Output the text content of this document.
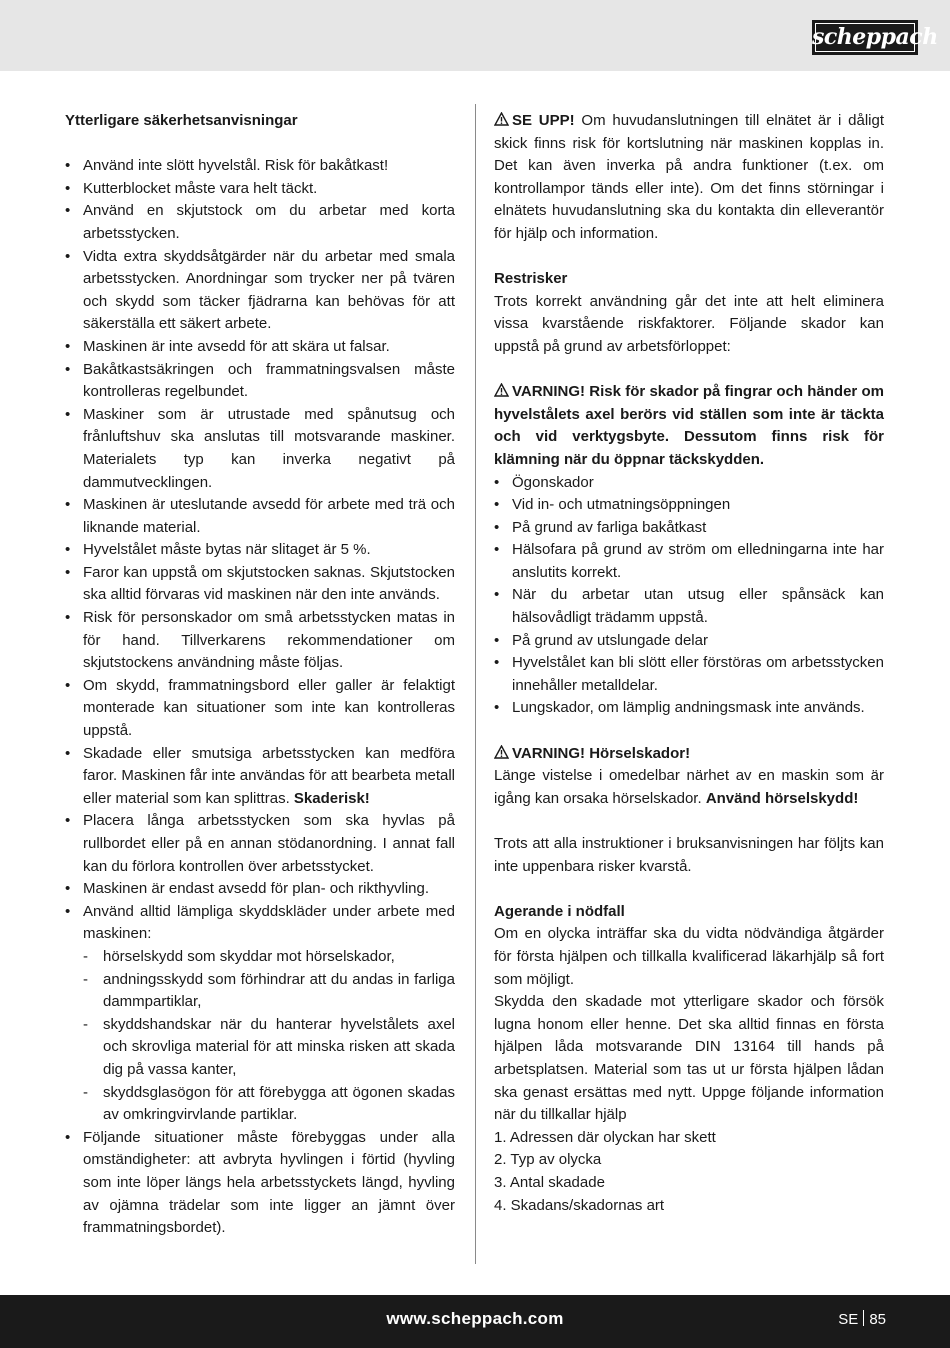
scheppach

Ytterligare säkerhetsanvisningar

• Använd inte slött hyvelstål. Risk för bakåtkast!
• Kutterblocket måste vara helt täckt.
• Använd en skjutstock om du arbetar med korta arbetsstycken.
• Vidta extra skyddsåtgärder när du arbetar med smala arbetsstycken. Anordningar som trycker ner på tvären och skydd som täcker fjädrarna kan behövas för att säkerställa ett säkert arbete.
• Maskinen är inte avsedd för att skära ut falsar.
• Bakåtkastsäkringen och frammatningsvalsen måste kontrolleras regelbundet.
• Maskiner som är utrustade med spånutsug och frånluftshuv ska anslutas till motsvarande maskiner. Materialets typ kan inverka negativt på dammutvecklingen.
• Maskinen är uteslutande avsedd för arbete med trä och liknande material.
• Hyvelstålet måste bytas när slitaget är 5 %.
• Faror kan uppstå om skjutstocken saknas. Skjutstocken ska alltid förvaras vid maskinen när den inte används.
• Risk för personskador om små arbetsstycken matas in för hand. Tillverkarens rekommendationer om skjutstockens användning måste följas.
• Om skydd, frammatningsbord eller galler är felaktigt monterade kan situationer som inte kan kontrolleras uppstå.
• Skadade eller smutsiga arbetsstycken kan medföra faror. Maskinen får inte användas för att bearbeta metall eller material som kan splittras. Skaderisk!
• Placera långa arbetsstycken som ska hyvlas på rullbordet eller på en annan stödanordning. I annat fall kan du förlora kontrollen över arbetsstycket.
• Maskinen är endast avsedd för plan- och rikthyvling.
• Använd alltid lämpliga skyddskläder under arbete med maskinen:
- hörselskydd som skyddar mot hörselskador,
- andningsskydd som förhindrar att du andas in farliga dammpartiklar,
- skyddshandskar när du hanterar hyvelstålets axel och skrovliga material för att minska risken att skada dig på vassa kanter,
- skyddsglasögon för att förebygga att ögonen skadas av omkringvirvlande partiklar.
• Följande situationer måste förebyggas under alla omständigheter: att avbryta hyvlingen i förtid (hyvling som inte löper längs hela arbetsstyckets längd, hyvling av ojämna trädelar som inte ligger an jämnt över frammatningsbordet).

SE UPP! Om huvudanslutningen till elnätet är i dåligt skick finns risk för kortslutning när maskinen kopplas in. Det kan även inverka på andra funktioner (t.ex. om kontrollampor tänds eller inte). Om det finns störningar i elnätets huvudanslutning ska du kontakta din elleverantör för hjälp och information.

Restrisker

Trots korrekt användning går det inte att helt eliminera vissa kvarstående riskfaktorer. Följande skador kan uppstå på grund av arbetsförloppet:

VARNING! Risk för skador på fingrar och händer om hyvelstålets axel berörs vid ställen som inte är täckta och vid verktygsbyte. Dessutom finns risk för klämning när du öppnar täckskydden.

• Ögonskador
• Vid in- och utmatningsöppningen
• På grund av farliga bakåtkast
• Hälsofara på grund av ström om elledningarna inte har anslutits korrekt.
• När du arbetar utan utsug eller spånsäck kan hälsovådligt trädamm uppstå.
• På grund av utslungade delar
• Hyvelstålet kan bli slött eller förstöras om arbetsstycken innehåller metalldelar.
• Lungskador, om lämplig andningsmask inte används.

VARNING! Hörselskador!

Länge vistelse i omedelbar närhet av en maskin som är igång kan orsaka hörselskador. Använd hörselskydd!

Trots att alla instruktioner i bruksanvisningen har följts kan inte uppenbara risker kvarstå.

Agerande i nödfall

Om en olycka inträffar ska du vidta nödvändiga åtgärder för första hjälpen och tillkalla kvalificerad läkarhjälp så fort som möjligt.

Skydda den skadade mot ytterligare skador och försök lugna honom eller henne. Det ska alltid finnas en första hjälpen låda motsvarande DIN 13164 till hands på arbetsplatsen. Material som tas ut ur första hjälpen lådan ska genast ersättas med nytt. Uppge följande information när du tillkallar hjälp

1. Adressen där olyckan har skett

2. Typ av olycka

3. Antal skadade

4. Skadans/skadornas art

www.scheppach.com	SE 85
